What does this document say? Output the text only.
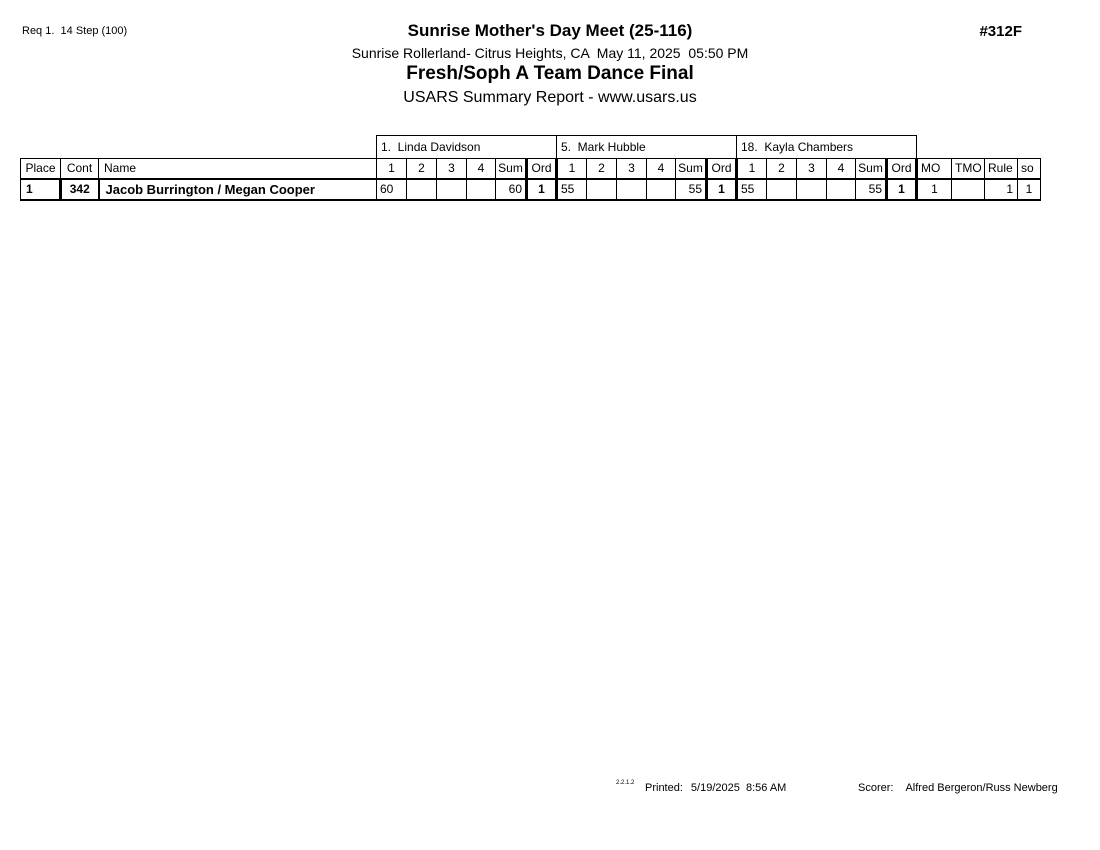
Req 1.  14 Step (100)	#312F
Sunrise Mother's Day Meet (25-116)
Sunrise Rollerland- Citrus Heights, CA  May 11, 2025  05:50 PM
Fresh/Soph A Team Dance Final
USARS Summary Report - www.usars.us
			1.  Linda Davidson						5.  Mark Hubble						18.  Kayla Chambers									
Place	Cont	Name	1	2	3	4	Sum	Ord	1	2	3	4	Sum	Ord	1	2	3	4	Sum	Ord	MO	TMO	Rule	so
1	342	Jacob Burrington / Megan Cooper	60				60	1	55				55	1	55				55	1	1		1	1
2.2.1.2 Printed: 5/19/2025  8:56 AM	Scorer: Alfred Bergeron/Russ Newberg
